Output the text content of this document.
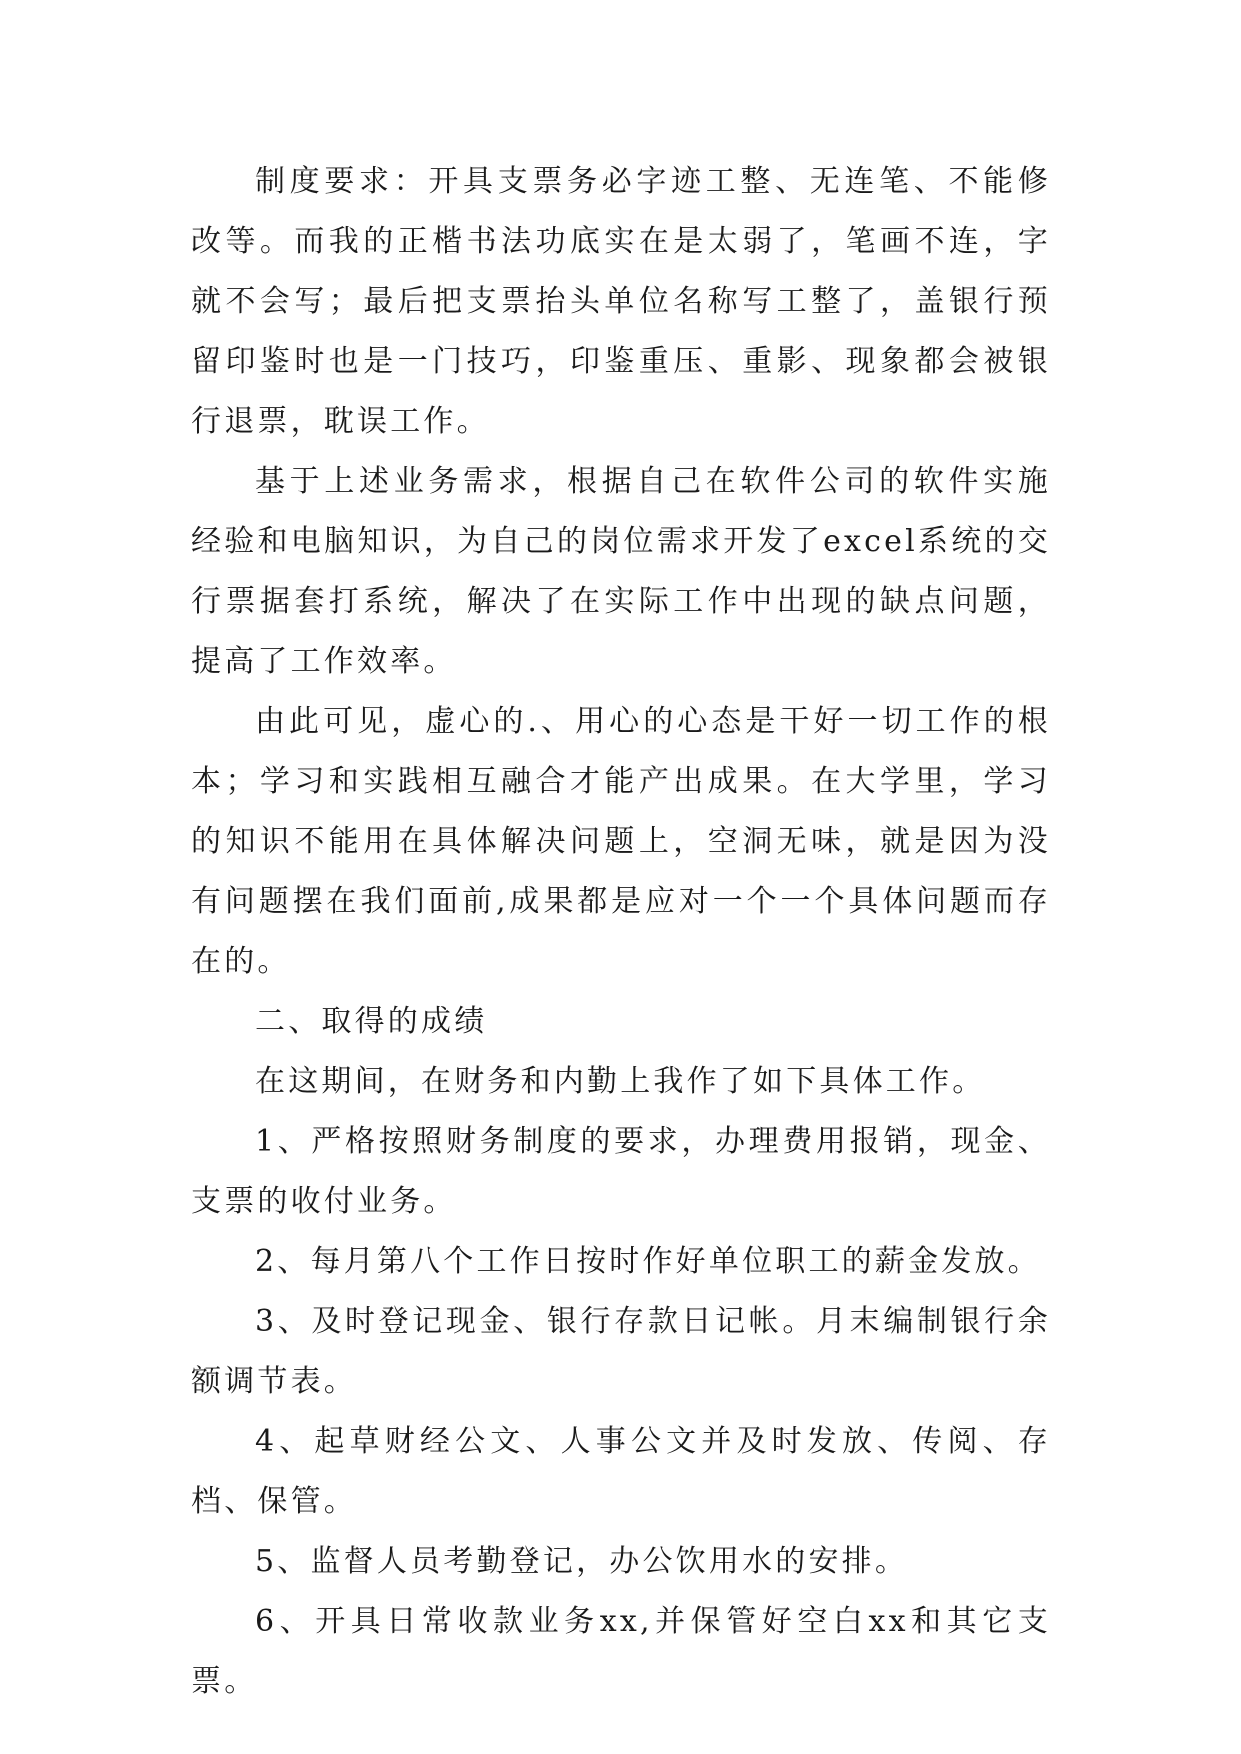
制度要求：开具支票务必字迹工整、无连笔、不能修改等。而我的正楷书法功底实在是太弱了，笔画不连，字就不会写；最后把支票抬头单位名称写工整了，盖银行预留印鉴时也是一门技巧，印鉴重压、重影、现象都会被银行退票，耽误工作。

基于上述业务需求，根据自己在软件公司的软件实施经验和电脑知识，为自己的岗位需求开发了excel系统的交行票据套打系统，解决了在实际工作中出现的缺点问题，提高了工作效率。

由此可见，虚心的.、用心的心态是干好一切工作的根本；学习和实践相互融合才能产出成果。在大学里，学习的知识不能用在具体解决问题上，空洞无味，就是因为没有问题摆在我们面前,成果都是应对一个一个具体问题而存在的。

二、取得的成绩

在这期间，在财务和内勤上我作了如下具体工作。

1、严格按照财务制度的要求，办理费用报销，现金、支票的收付业务。

2、每月第八个工作日按时作好单位职工的薪金发放。

3、及时登记现金、银行存款日记帐。月末编制银行余额调节表。

4、起草财经公文、人事公文并及时发放、传阅、存档、保管。

5、监督人员考勤登记，办公饮用水的安排。

6、开具日常收款业务xx,并保管好空白xx和其它支票。
